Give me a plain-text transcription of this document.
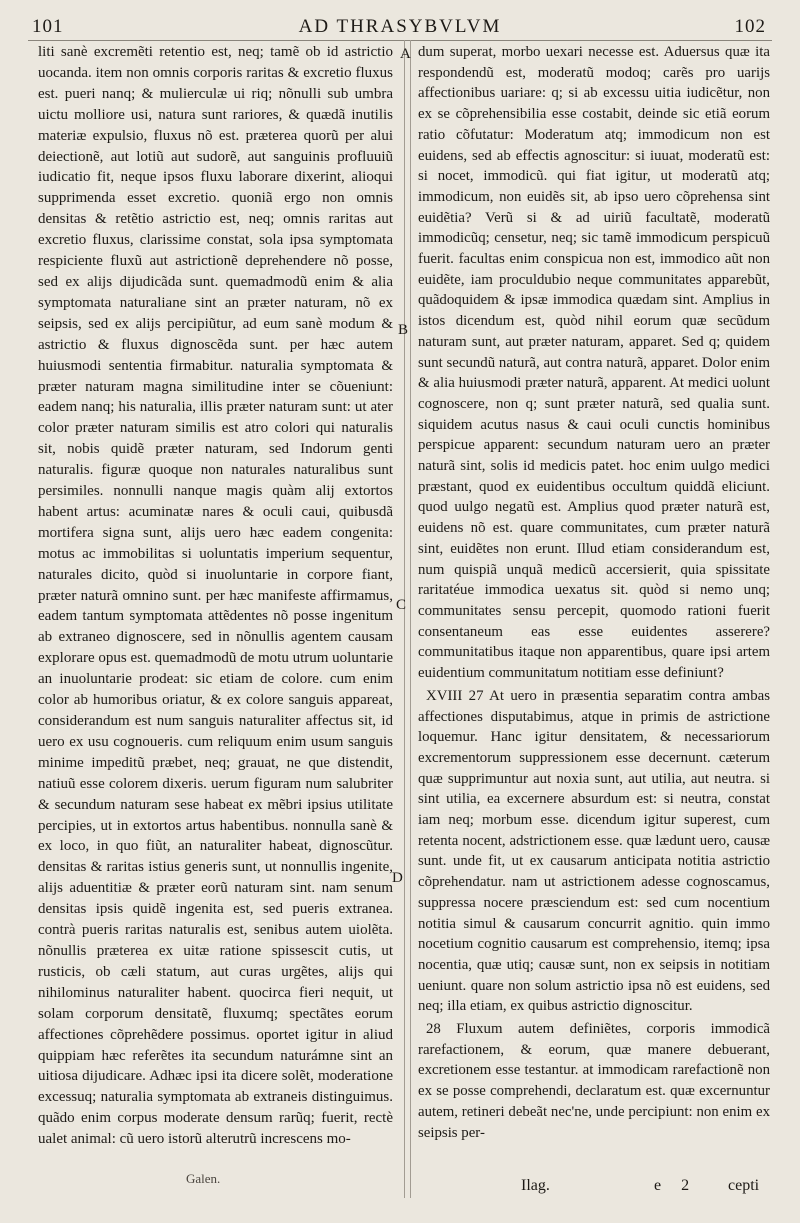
101	AD THRASYBVLVM	102
A
B
C
D

liti sanè excremẽti retentio est, neq; tamẽ ob id astrictio uocanda. item non omnis corporis raritas & excretio fluxus est. pueri nanq; & mulierculæ ui riq; nõnulli sub umbra uictu molliore usi, natura sunt rariores, & quædã inutilis materiæ expulsio, fluxus nõ est. præterea quorũ per alui deiectionẽ, aut lotiũ aut sudorẽ, aut sanguinis profluuiũ iudicatio fit, neque ipsos fluxu laborare dixerint, alioqui supprimenda esset excretio. quoniã ergo non omnis densitas & retẽtio astrictio est, neq; omnis raritas aut excretio fluxus, clarissime constat, sola ipsa symptomata respiciente fluxũ aut astrictionẽ deprehendere nõ posse, sed ex alijs dijudicãda sunt. quemadmodũ enim & alia symptomata naturaliane sint an præter naturam, nõ ex seipsis, sed ex alijs percipiũtur, ad eum sanè modum & astrictio & fluxus dignoscẽda sunt. per hæc autem huiusmodi sententia firmabitur. naturalia symptomata & præter naturam magna similitudine inter se cõueniunt: eadem nanq; his naturalia, illis præter naturam sunt: ut ater color præter naturam similis est atro colori qui naturalis sit, nobis quidẽ præter naturam, sed Indorum genti naturalis. figuræ quoque non naturales naturalibus sunt persimiles. nonnulli nanque magis quàm alij extortos habent artus: acuminatæ nares & oculi caui, quibusdã mortifera signa sunt, alijs uero hæc eadem congenita: motus ac immobilitas si uoluntatis imperium sequentur, naturales dicito, quòd si inuoluntarie in corpore fiant, præter naturã omnino sunt. per hæc manifeste affirmamus, eadem tantum symptomata attẽdentes nõ posse ingenitum ab extraneo dignoscere, sed in nõnullis agentem causam explorare opus est. quemadmodũ de motu utrum uoluntarie an inuoluntarie prodeat: sic etiam de colore. cum enim color ab humoribus oriatur, & ex colore sanguis appareat, considerandum est num sanguis naturaliter affectus sit, id uero ex usu cognoueris. cum reliquum enim usum sanguis minime impeditũ præbet, neq; grauat, ne que distendit, natiuũ esse colorem dixeris. uerum figuram num salubriter & secundum naturam sese habeat ex mẽbri ipsius utilitate percipies, ut in extortos artus habentibus. nonnulla sanè & ex loco, in quo fiũt, an naturaliter habeat, dignoscũtur. densitas & raritas istius generis sunt, ut nonnullis ingenite, alijs aduentitiæ & præter eorũ naturam sint. nam senum densitas ipsis quidẽ ingenita est, sed pueris extranea. contrà pueris raritas naturalis est, senibus autem uiolẽta. nõnullis præterea ex uitæ ratione spissescit cutis, ut rusticis, ob cæli statum, aut curas urgẽtes, alijs qui nihilominus naturaliter habent. quocirca fieri nequit, ut solam corporum densitatẽ, fluxumq; spectãtes eorum affectiones cõprehẽdere possimus. oportet igitur in aliud quippiam hæc referẽtes ita secundum naturámne sint an uitiosa dijudicare. Adhæc ipsi ita dicere solẽt, moderatione excessuq; naturalia symptomata ab extraneis distinguimus. quãdo enim corpus moderate densum rarũq; fuerit, rectè ualet animal: cũ uero istorũ alterutrũ increscens mo-

dum superat, morbo uexari necesse est. Aduersus quæ ita respondendũ est, moderatũ modoq; carẽs pro uarijs affectionibus uariare: q; si ab excessu uitia iudicẽtur, non ex se cõprehensibilia esse costabit, deinde sic etiã eorum ratio cõfutatur: Moderatum atq; immodicum non est euidens, sed ab effectis agnoscitur: si iuuat, moderatũ est: si nocet, immodicũ. qui fiat igitur, ut moderatũ atq; immodicum, non euidẽs sit, ab ipso uero cõprehensa sint euidẽtia? Verũ si & ad uiriũ facultatẽ, moderatũ immodicũq; censetur, neq; sic tamẽ immodicum perspicuũ fuerit. facultas enim conspicua non est, immodico aũt non euidẽte, iam proculdubio neque communitates apparebũt, quãdoquidem & ipsæ immodica quædam sint. Amplius in istos dicendum est, quòd nihil eorum quæ secũdum naturam sunt, aut præter naturam, apparet. Sed q; quidem sunt secundũ naturã, aut contra naturã, apparet. Dolor enim & alia huiusmodi præter naturã, apparent. At medici uolunt cognoscere, non q; sunt præter naturã, sed qualia sunt. siquidem acutus nasus & caui oculi cunctis hominibus perspicue apparent: secundum naturam uero an præter naturã sint, solis id medicis patet. hoc enim uulgo medici præstant, quod ex euidentibus occultum quiddã eliciunt. quod uulgo negatũ est. Amplius quod præter naturã est, euidens nõ est. quare communitates, cum præter naturã sint, euidẽtes non erunt. Illud etiam considerandum est, num quispiã unquã medicũ accersierit, quia spissitate raritatéue immodica uexatus sit. quòd si nemo unq; communitates sensu percepit, quomodo rationi fuerit consentaneum eas esse euidentes asserere? communitatibus itaque non apparentibus, quare ipsi artem euidentium communitatum notitiam esse definiunt?

XVIII 27 At uero in præsentia separatim contra ambas affectiones disputabimus, atque in primis de astrictione loquemur. Hanc igitur densitatem, & necessariorum excrementorum suppressionem esse decernunt. cæterum quæ supprimuntur aut noxia sunt, aut utilia, aut neutra. si sint utilia, ea excernere absurdum est: si neutra, constat iam neq; morbum esse. dicendum igitur superest, cum retenta nocent, adstrictionem esse. quæ lædunt uero, causæ sunt. unde fit, ut ex causarum anticipata notitia astrictio cõprehendatur. nam ut astrictionem adesse cognoscamus, suppressa nocere præsciendum est: sed cum nocentium notitia simul & causarum concurrit agnitio. quin immo nocetium cognitio causarum est comprehensio, itemq; ipsa nocentia, quæ utiq; causæ sunt, non ex seipsis in notitiam ueniunt. quare non solum astrictio ipsa nõ est euidens, sed neq; illa etiam, ex quibus astrictio dignoscitur.

28 Fluxum autem definiẽtes, corporis immodicã rarefactionem, & eorum, quæ manere debuerant, excretionem esse testantur. at immodicam rarefactionẽ non ex se posse comprehendi, declaratum est. quæ excernuntur autem, retineri debeãt nec'ne, unde percipiunt: non enim ex seipsis per-

Galen.	Ilag.	e 2 cepti
